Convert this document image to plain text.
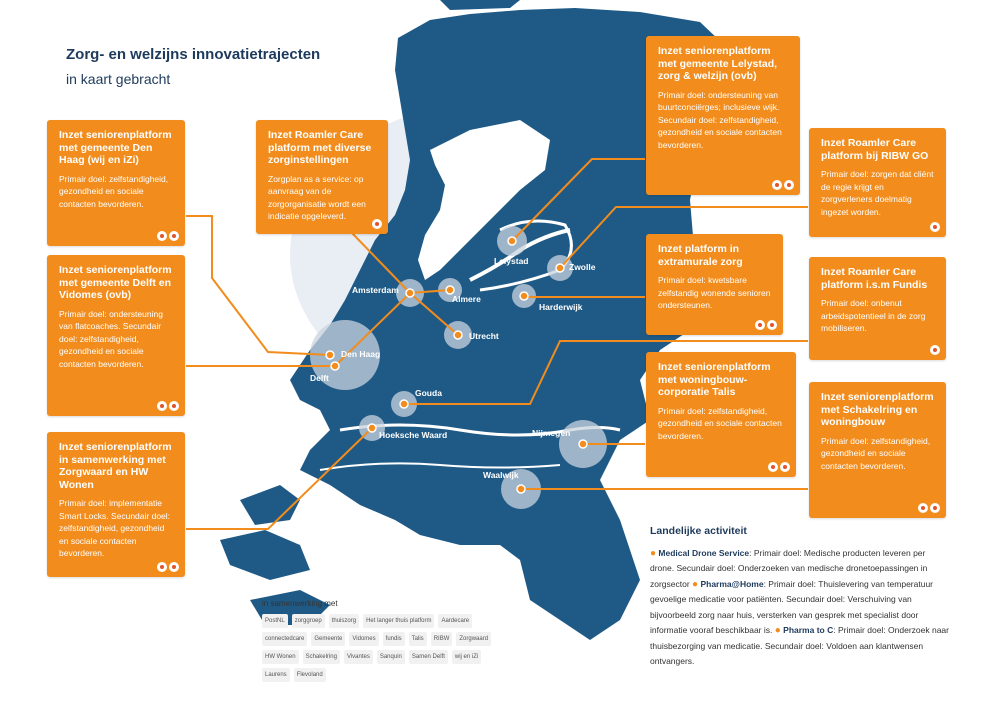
Zorg- en welzijns innovatietrajecten
in kaart gebracht
Amsterdam
Almere
Lelystad
Zwolle
Harderwijk
Utrecht
Den Haag
Delft
Gouda
Hoeksche Waard	Nijmegen
Waalwijk
Inzet seniorenplatform met gemeente Den Haag (wij en iZi)

Primair doel: zelfstandigheid, gezondheid en sociale contacten bevorderen.

Inzet Roamler Care platform met diverse zorginstellingen

Zorgplan as a service: op aanvraag van de zorgorganisatie wordt een indicatie opgeleverd.

Inzet seniorenplatform met gemeente Lelystad, zorg & welzijn (ovb)

Primair doel: ondersteuning van buurtconciërges; inclusieve wijk. Secundair doel: zelfstandigheid, gezondheid en sociale contacten bevorderen.	Inzet Roamler Care platform bij RIBW GO

Primair doel: zorgen dat cliënt de regie krijgt en zorgverleners doelmatig ingezet worden.

Inzet seniorenplatform met gemeente Delft en Vidomes (ovb)

Primair doel: ondersteuning van flatcoaches. Secundair doel: zelfstandigheid, gezondheid en sociale contacten bevorderen.

Inzet platform in extramurale zorg

Primair doel: kwetsbare zelfstandig wonende senioren ondersteunen.

Inzet Roamler Care platform i.s.m Fundis

Primair doel: onbenut arbeidspotentieel in de zorg mobiliseren.

Inzet seniorenplatform met woningbouw-corporatie Talis

Primair doel: zelfstandigheid, gezondheid en sociale contacten bevorderen.

Inzet seniorenplatform met Schakelring en woningbouw

Primair doel: zelfstandigheid, gezondheid en sociale contacten bevorderen.

Inzet seniorenplatform in samenwerking met Zorgwaard en HW Wonen

Primair doel: implementatie Smart Locks. Secundair doel: zelfstandigheid, gezondheid en sociale contacten bevorderen.

Landelijke activiteit
● Medical Drone Service: Primair doel: Medische producten leveren per drone. Secundair doel: Onderzoeken van medische dronetoepassingen in zorgsector ● Pharma@Home: Primair doel: Thuislevering van temperatuur gevoelige medicatie voor patiënten. Secundair doel: Verschuiving van bijvoorbeeld zorg naar huis, versterken van gesprek met specialist door informatie vooraf beschikbaar is. ● Pharma to C: Primair doel: Onderzoek naar thuisbezorging van medicatie. Secundair doel: Voldoen aan klantwensen ontvangers.
in samenwerking met
PostNL	zorggroep	thuiszorg	Het langer thuis platform	Aardecare
connectedcare	Gemeente	Vidomes	fundis	Talis	RIBW	Zorgwaard
HW Wonen	Schakelring	Vivantes	Sanquin	Samen Delft	wij en iZi
Laurens	Flevoland
